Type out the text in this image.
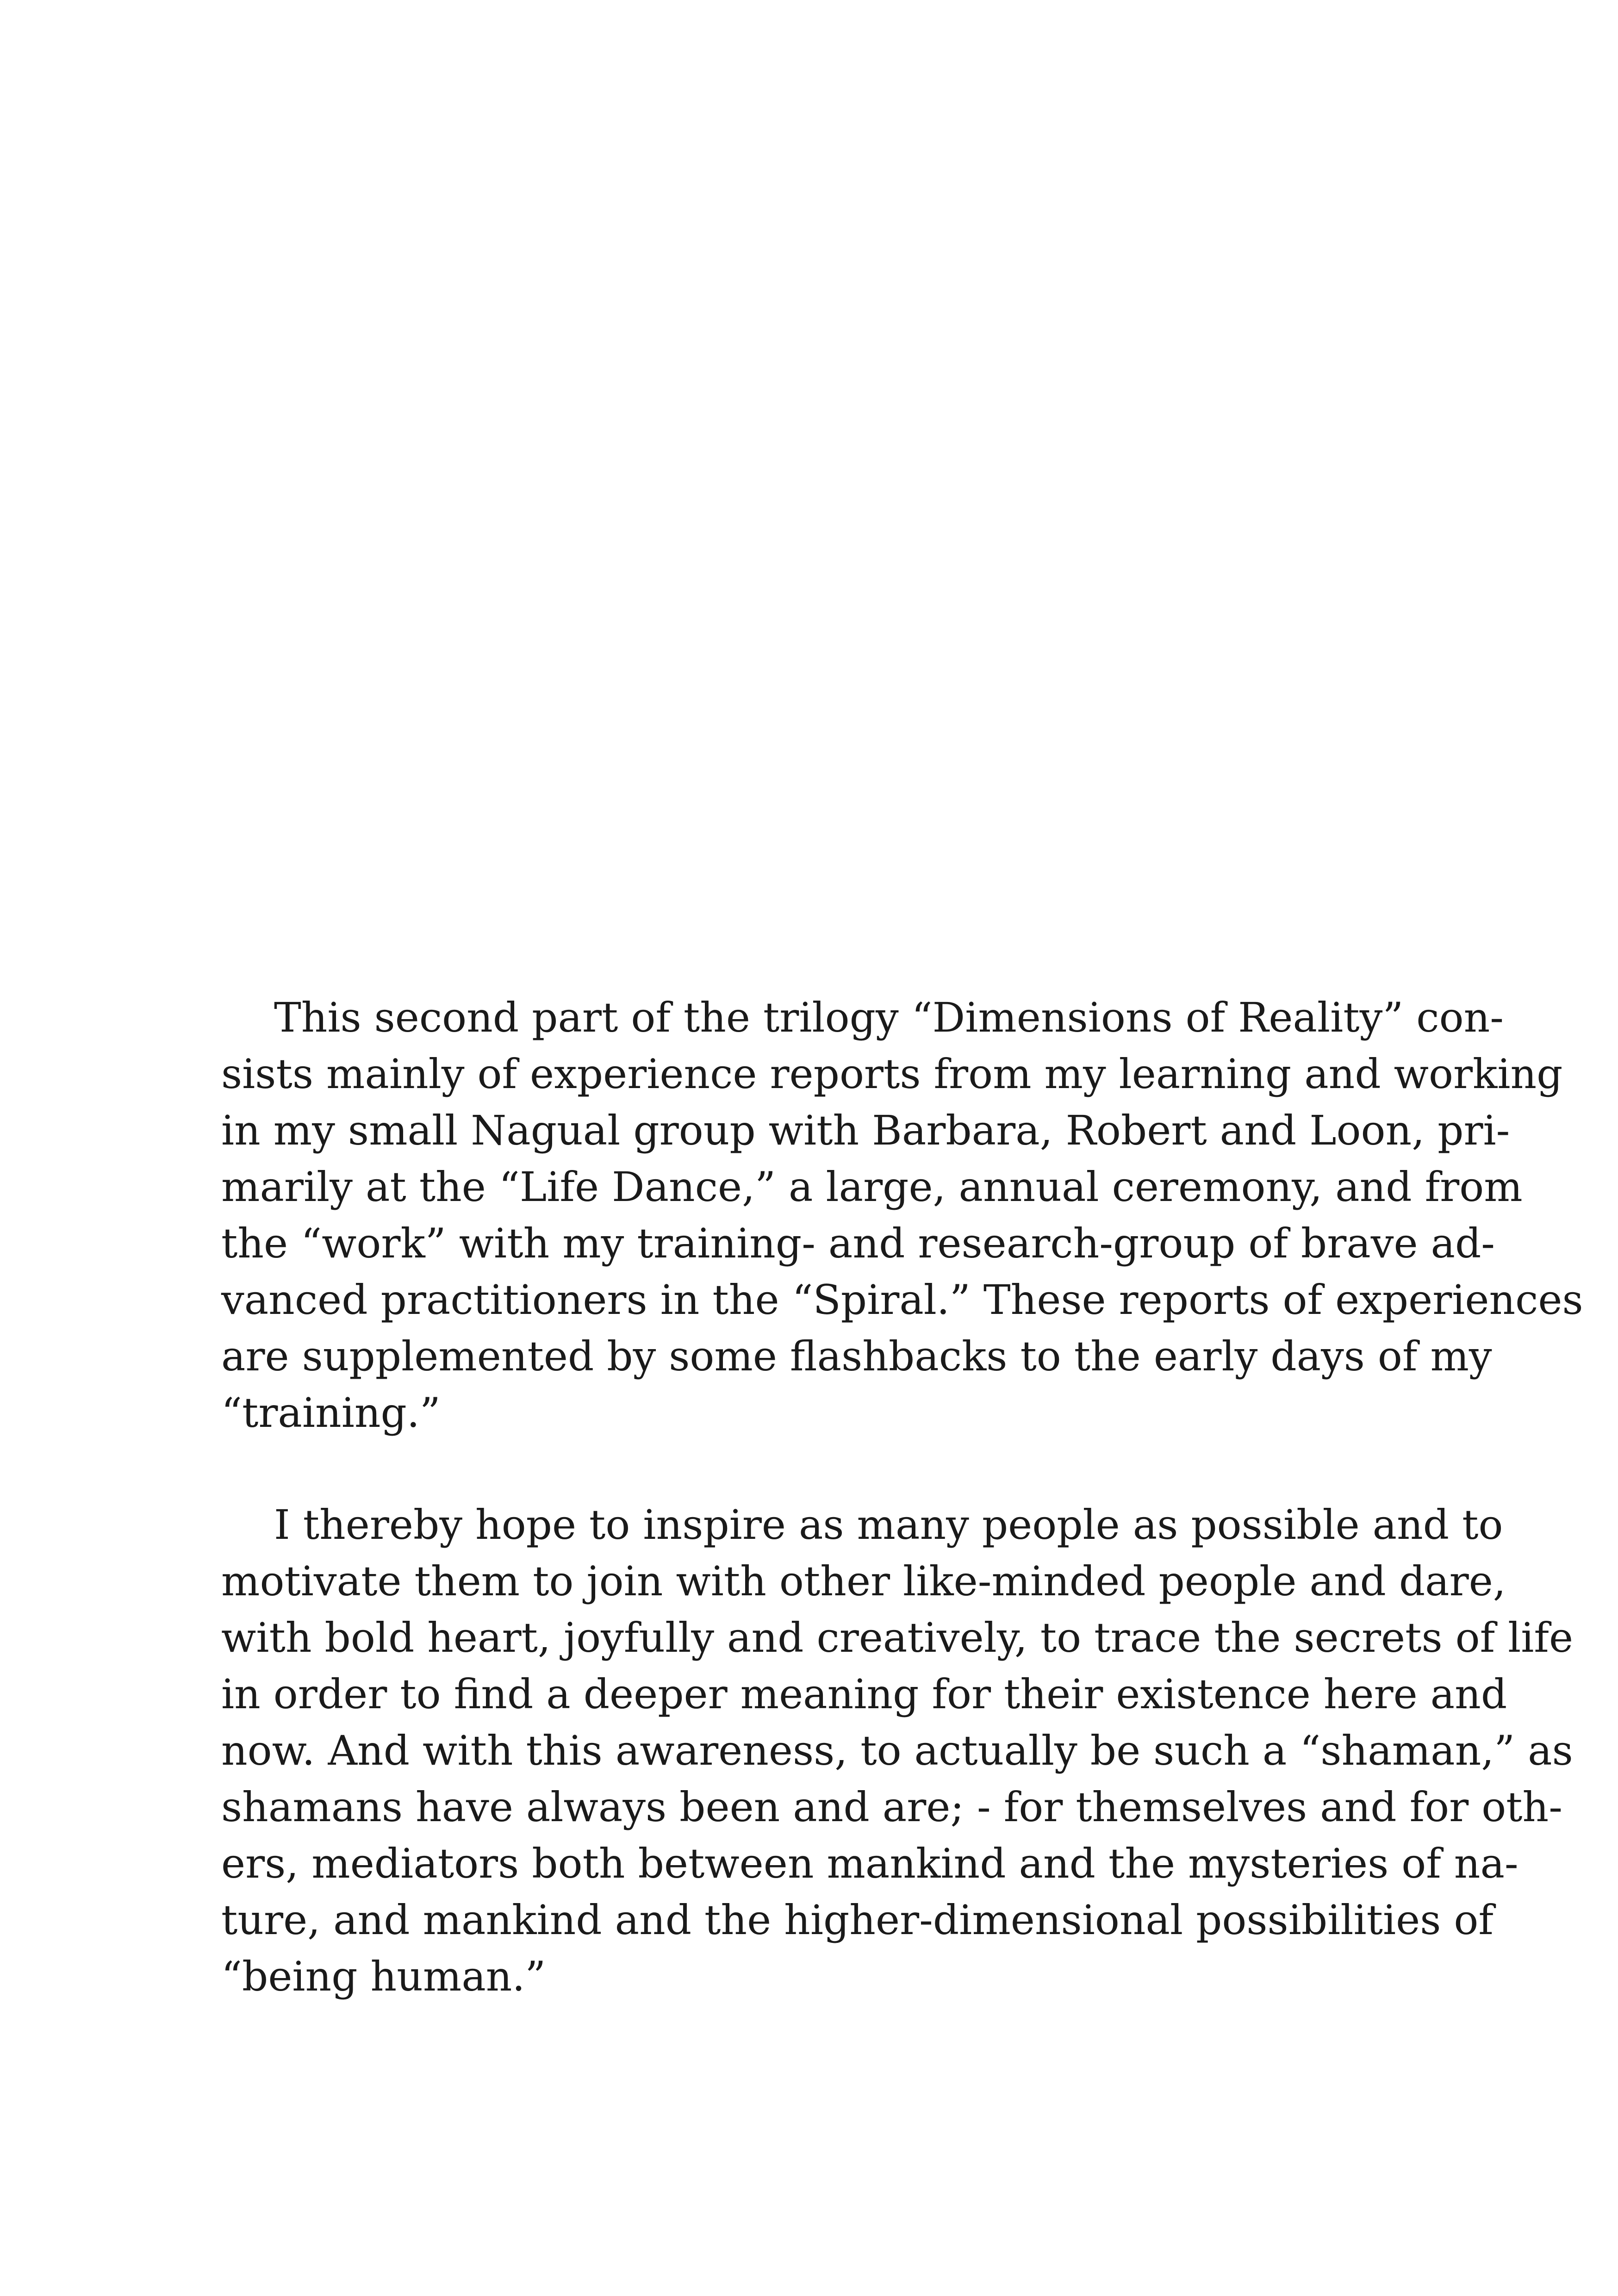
This second part of the trilogy “Dimensions of Reality” con-
sists mainly of experience reports from my learning and working
in my small Nagual group with Barbara, Robert and Loon, pri-
marily at the “Life Dance,” a large, annual ceremony, and from
the “work” with my training- and research-group of brave ad-
vanced practitioners in the “Spiral.” These reports of experiences
are supplemented by some flashbacks to the early days of my
“training.”
I thereby hope to inspire as many people as possible and to
motivate them to join with other like-minded people and dare,
with bold heart, joyfully and creatively, to trace the secrets of life
in order to find a deeper meaning for their existence here and
now. And with this awareness, to actually be such a “shaman,” as
shamans have always been and are; - for themselves and for oth-
ers, mediators both between mankind and the mysteries of na-
ture, and mankind and the higher-dimensional possibilities of
“being human.”
